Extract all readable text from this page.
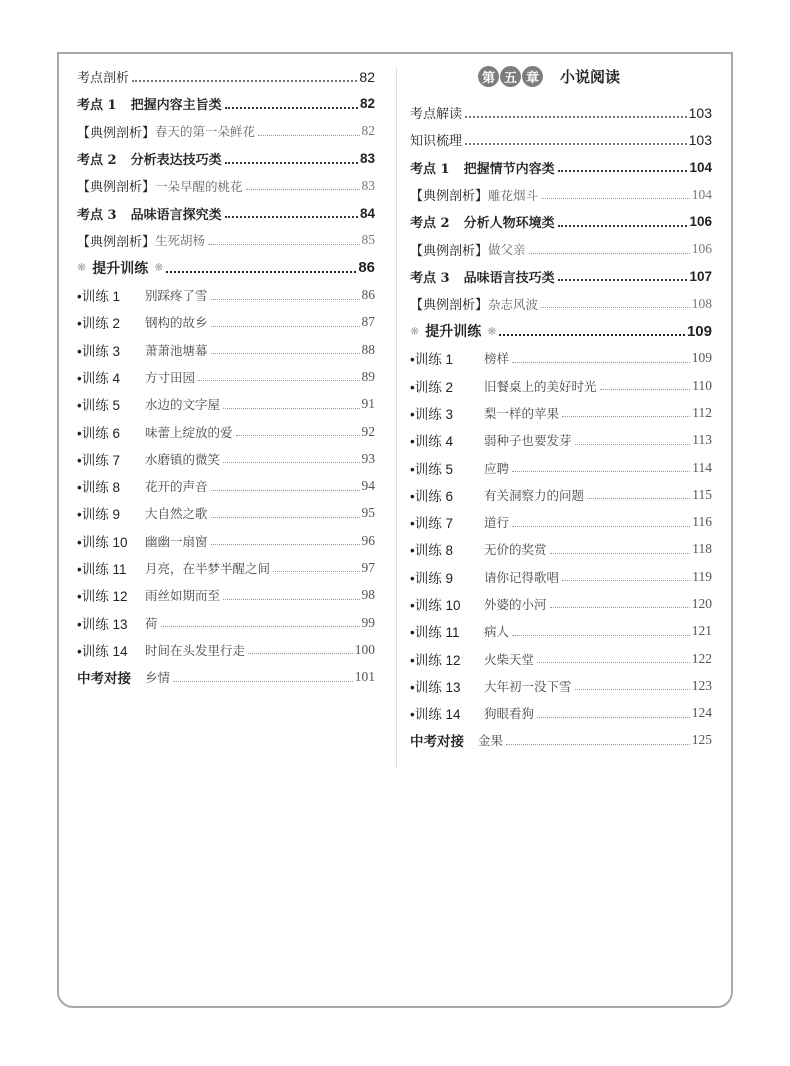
考点剖析	82
考点 1 把握内容主旨类	82
【典例剖析】 春天的第一朵鲜花	82
考点 2 分析表达技巧类	83
【典例剖析】 一朵早醒的桃花	83
考点 3 品味语言探究类	84
【典例剖析】 生死胡杨	85
❋ 提升训练 ❋	86
•训练 1	别踩疼了雪	86
•训练 2	钢构的故乡	87
•训练 3	萧萧池塘幕	88
•训练 4	方寸田园	89
•训练 5	水边的文字屋	91
•训练 6	味蕾上绽放的爱	92
•训练 7	水磨镇的微笑	93
•训练 8	花开的声音	94
•训练 9	大自然之歌	95
•训练 10	幽幽一扇窗	96
•训练 11	月亮，在半梦半醒之间	97
•训练 12	雨丝如期而至	98
•训练 13	荷	99
•训练 14	时间在头发里行走	100
中考对接 乡情	101
第 五 章 小说阅读
考点解读	103
知识梳理	103
考点 1 把握情节内容类	104
【典例剖析】 雕花烟斗	104
考点 2 分析人物环境类	106
【典例剖析】 做父亲	106
考点 3 品味语言技巧类	107
【典例剖析】 杂志风波	108
❋ 提升训练 ❋	109
•训练 1	榜样	109
•训练 2	旧餐桌上的美好时光	110
•训练 3	梨一样的苹果	112
•训练 4	弱种子也要发芽	113
•训练 5	应聘	114
•训练 6	有关洞察力的问题	115
•训练 7	道行	116
•训练 8	无价的奖赏	118
•训练 9	请你记得歌唱	119
•训练 10	外婆的小河	120
•训练 11	病人	121
•训练 12	火柴天堂	122
•训练 13	大年初一没下雪	123
•训练 14	狗眼看狗	124
中考对接 金果	125
